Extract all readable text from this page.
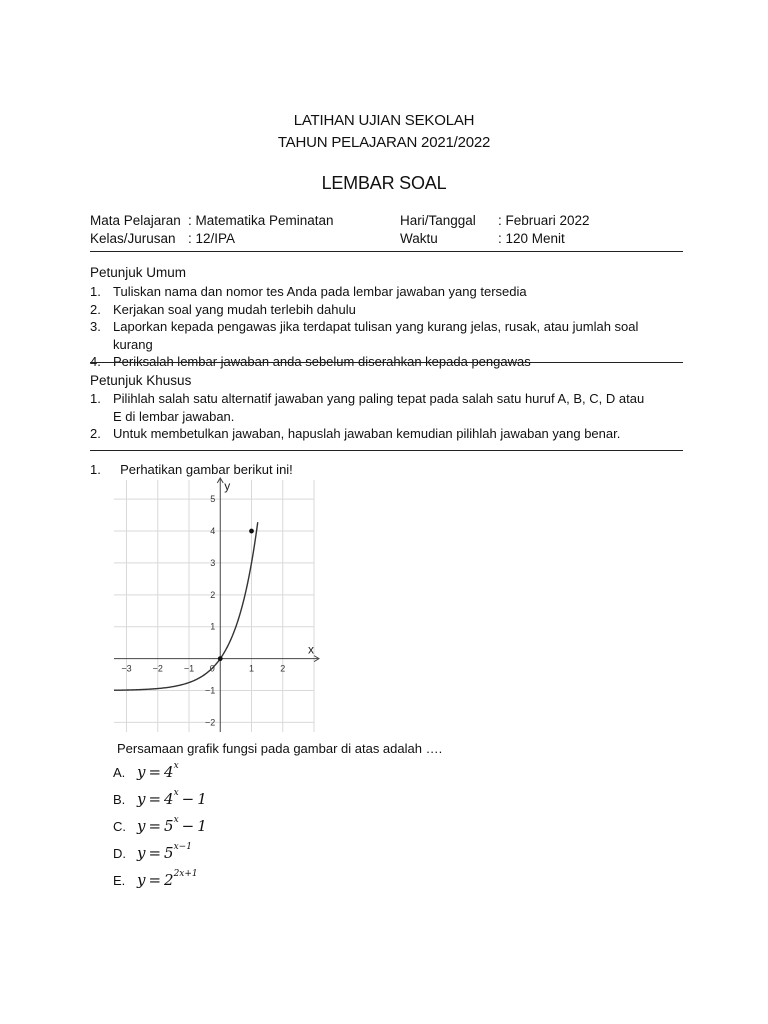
LATIHAN UJIAN SEKOLAH
TAHUN PELAJARAN 2021/2022
LEMBAR SOAL
Mata Pelajaran : Matematika Peminatan	Hari/Tanggal : Februari 2022
Kelas/Jurusan : 12/IPA	Waktu	: 120 Menit
Petunjuk Umum
1. Tuliskan nama dan nomor tes Anda pada lembar jawaban yang tersedia
2. Kerjakan soal yang mudah terlebih dahulu
3. Laporkan kepada pengawas jika terdapat tulisan yang kurang jelas, rusak, atau jumlah soal kurang
4. Periksalah lembar jawaban anda sebelum diserahkan kepada pengawas
Petunjuk Khusus
1. Pilihlah salah satu alternatif jawaban yang paling tepat pada salah satu huruf A, B, C, D atau E di lembar jawaban.
2. Untuk membetulkan jawaban, hapuslah jawaban kemudian pilihlah jawaban yang benar.
1. Perhatikan gambar berikut ini!
x
y
−3 −2 −1 0	1	2
−2
−1
1
2
3
4
5
Persamaan grafik fungsi pada gambar di atas adalah ….
A. $y = 4^x$
B. $y = 4^x - 1$
C. $y = 5^x - 1$
D. $y = 5^{x-1}$
E. $y = 2^{2x+1}$
